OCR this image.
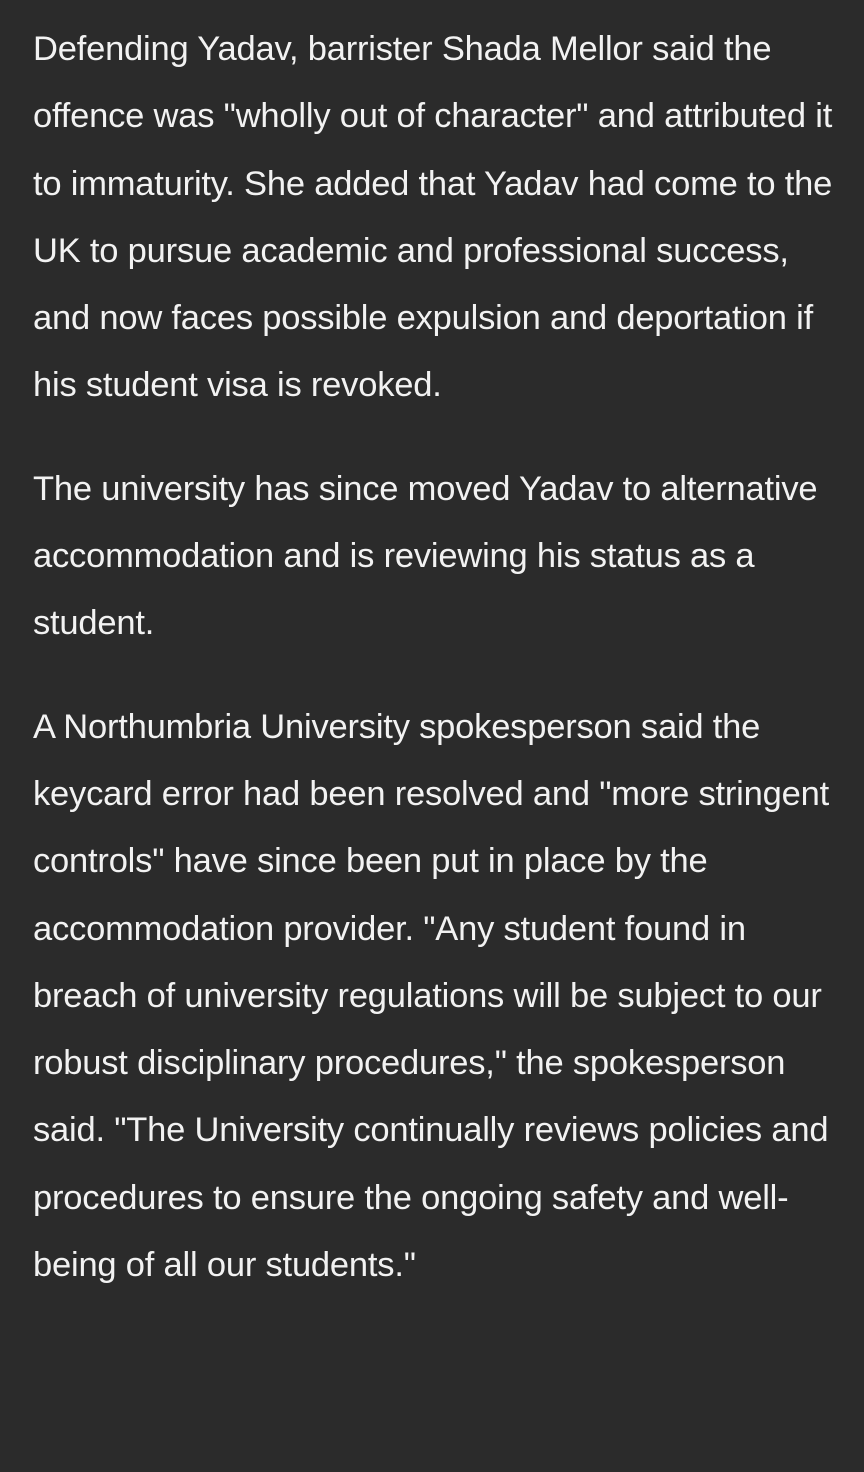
Defending Yadav, barrister Shada Mellor said the offence was "wholly out of character" and attributed it to immaturity. She added that Yadav had come to the UK to pursue academic and professional success, and now faces possible expulsion and deportation if his student visa is revoked.

The university has since moved Yadav to alternative accommodation and is reviewing his status as a student.

A Northumbria University spokesperson said the keycard error had been resolved and "more stringent controls" have since been put in place by the accommodation provider. "Any student found in breach of university regulations will be subject to our robust disciplinary procedures," the spokesperson said. "The University continually reviews policies and procedures to ensure the ongoing safety and well-being of all our students."
